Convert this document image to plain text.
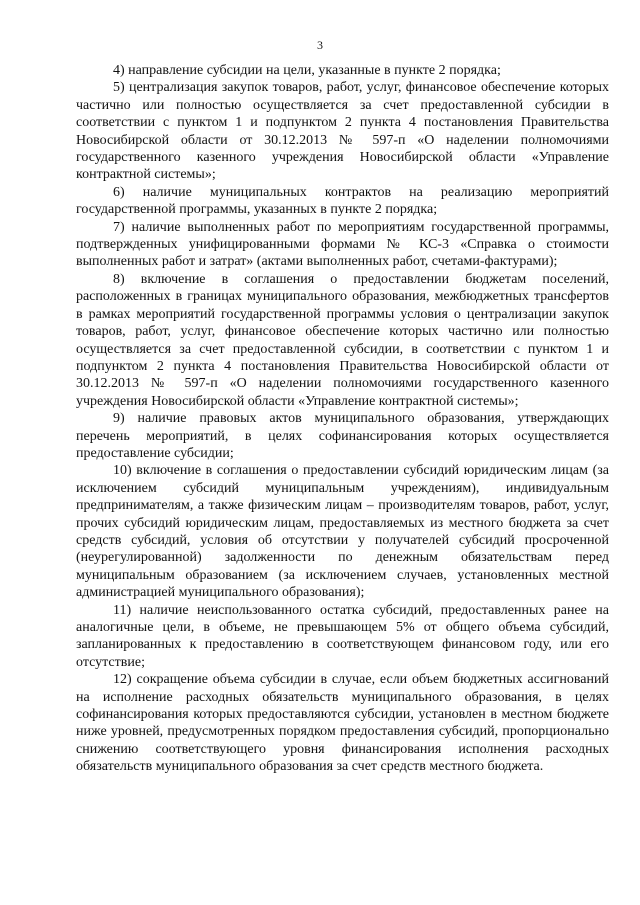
3

4) направление субсидии на цели, указанные в пункте 2 порядка;

5) централизация закупок товаров, работ, услуг, финансовое обеспечение которых частично или полностью осуществляется за счет предоставленной субсидии в соответствии с пунктом 1 и подпунктом 2 пункта 4 постановления Правительства Новосибирской области от 30.12.2013 № 597-п «О наделении полномочиями государственного казенного учреждения Новосибирской области «Управление контрактной системы»;

6) наличие муниципальных контрактов на реализацию мероприятий государственной программы, указанных в пункте 2 порядка;

7) наличие выполненных работ по мероприятиям государственной программы, подтвержденных унифицированными формами № КС-3 «Справка о стоимости выполненных работ и затрат» (актами выполненных работ, счетами-фактурами);

8) включение в соглашения о предоставлении бюджетам поселений, расположенных в границах муниципального образования, межбюджетных трансфертов в рамках мероприятий государственной программы условия о централизации закупок товаров, работ, услуг, финансовое обеспечение которых частично или полностью осуществляется за счет предоставленной субсидии, в соответствии с пунктом 1 и подпунктом 2 пункта 4 постановления Правительства Новосибирской области от 30.12.2013 № 597-п «О наделении полномочиями государственного казенного учреждения Новосибирской области «Управление контрактной системы»;

9) наличие правовых актов муниципального образования, утверждающих перечень мероприятий, в целях софинансирования которых осуществляется предоставление субсидии;

10) включение в соглашения о предоставлении субсидий юридическим лицам (за исключением субсидий муниципальным учреждениям), индивидуальным предпринимателям, а также физическим лицам – производителям товаров, работ, услуг, прочих субсидий юридическим лицам, предоставляемых из местного бюджета за счет средств субсидий, условия об отсутствии у получателей субсидий просроченной (неурегулированной) задолженности по денежным обязательствам перед муниципальным образованием (за исключением случаев, установленных местной администрацией муниципального образования);

11) наличие неиспользованного остатка субсидий, предоставленных ранее на аналогичные цели, в объеме, не превышающем 5% от общего объема субсидий, запланированных к предоставлению в соответствующем финансовом году, или его отсутствие;

12) сокращение объема субсидии в случае, если объем бюджетных ассигнований на исполнение расходных обязательств муниципального образования, в целях софинансирования которых предоставляются субсидии, установлен в местном бюджете ниже уровней, предусмотренных порядком предоставления субсидий, пропорционально снижению соответствующего уровня финансирования исполнения расходных обязательств муниципального образования за счет средств местного бюджета.
